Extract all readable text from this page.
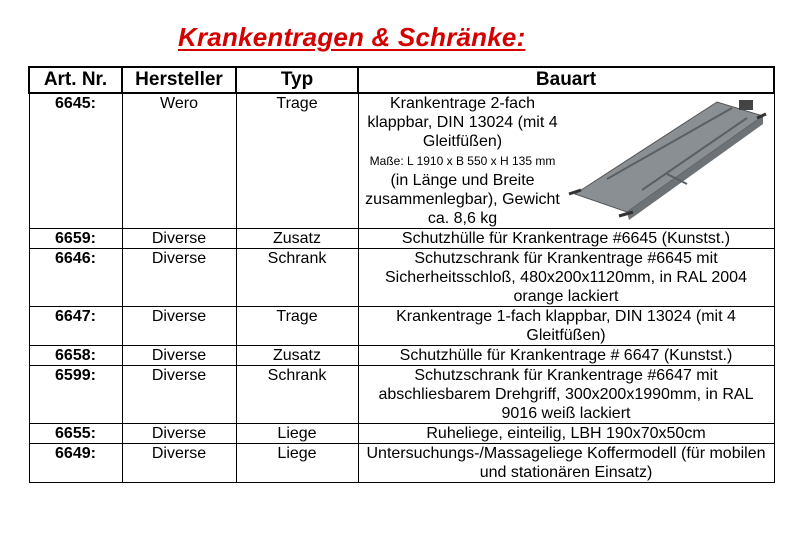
Krankentragen & Schränke:
Art. Nr.	Hersteller	Typ	Bauart
6645:	Wero	Trage	Krankentrage 2-fach klappbar, DIN 13024 (mit 4 Gleitfüßen)
Maße: L 1910 x B 550 x H 135 mm (in Länge und Breite zusammenlegbar), Gewicht ca. 8,6 kg

6659:	Diverse	Zusatz	Schutzhülle für Krankentrage #6645 (Kunstst.)
6646:	Diverse	Schrank	Schutzschrank für Krankentrage #6645 mit Sicherheitsschloß, 480x200x1120mm, in RAL 2004 orange lackiert
6647:	Diverse	Trage	Krankentrage 1-fach klappbar, DIN 13024 (mit 4 Gleitfüßen)
6658:	Diverse	Zusatz	Schutzhülle für Krankentrage # 6647 (Kunstst.)
6599:	Diverse	Schrank	Schutzschrank für Krankentrage #6647 mit abschliesbarem Drehgriff, 300x200x1990mm, in RAL 9016 weiß lackiert
6655:	Diverse	Liege	Ruheliege, einteilig, LBH 190x70x50cm
6649:	Diverse	Liege	Untersuchungs-/Massageliege Koffermodell (für mobilen und stationären Einsatz)
